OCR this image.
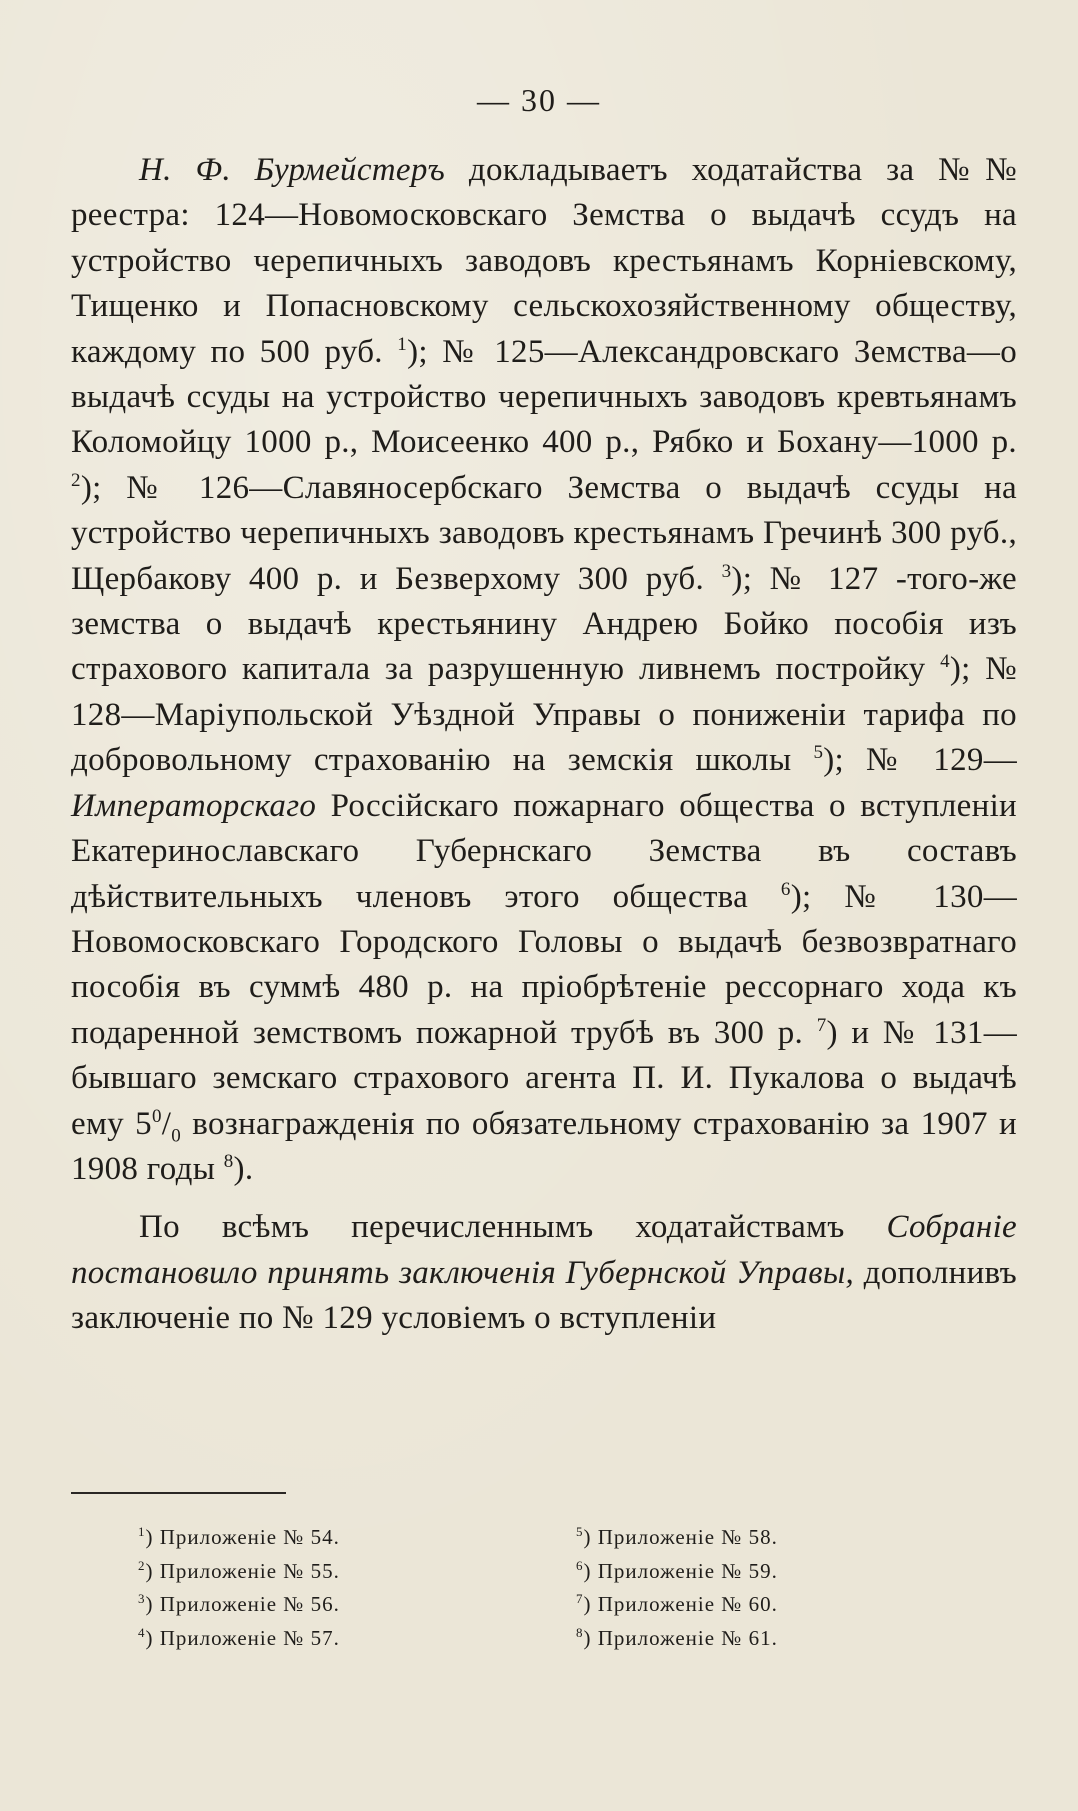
— 30 —

Н. Ф. Бурмейстеръ докладываетъ ходатайства за №№ реестра: 124—Новомосковскаго Земства о выдачѣ ссудъ на устройство черепичныхъ заводовъ крестьянамъ Корніевскому, Тищенко и Попасновскому сельскохозяйственному обществу, каждому по 500 руб. $^1$); № 125—Александровскаго Земства—о выдачѣ ссуды на устройство черепичныхъ заводовъ кревтьянамъ Коломойцу 1000 р., Моисеенко 400 р., Рябко и Бохану—1000 р. $^2$); № 126—Славяносербскаго Земства о выдачѣ ссуды на устройство черепичныхъ заводовъ крестьянамъ Гречинѣ 300 руб., Щербакову 400 р. и Безверхому 300 руб. $^3$); № 127 -того-же земства о выдачѣ крестьянину Андрею Бойко пособія изъ страхового капитала за разрушенную ливнемъ постройку $^4$); № 128—Маріупольской Уѣздной Управы о пониженіи тарифа по добровольному страхованію на земскія школы $^5$); № 129—Императорскаго Россійскаго пожарнаго общества о вступленіи Екатеринославскаго Губернскаго Земства въ составъ дѣйствительныхъ членовъ этого общества $^6$); № 130—Новомосковскаго Городского Головы о выдачѣ безвозвратнаго пособія въ суммѣ 480 р. на пріобрѣтеніе рессорнаго хода къ подаренной земствомъ пожарной трубѣ въ 300 р. $^7$) и № 131—бывшаго земскаго страхового агента П. И. Пукалова о выдачѣ ему $5^0/_0$ вознагражденія по обязательному страхованію за 1907 и 1908 годы $^8$).

По всѣмъ перечисленнымъ ходатайствамъ Собраніе постановило принять заключенія Губернской Управы, дополнивъ заключеніе по № 129 условіемъ о вступленіи

$^1$) Приложеніе № 54.
$^2$) Приложеніе № 55.
$^3$) Приложеніе № 56.
$^4$) Приложеніе № 57.
$^5$) Приложеніе № 58.
$^6$) Приложеніе № 59.
$^7$) Приложеніе № 60.
$^8$) Приложеніе № 61.
